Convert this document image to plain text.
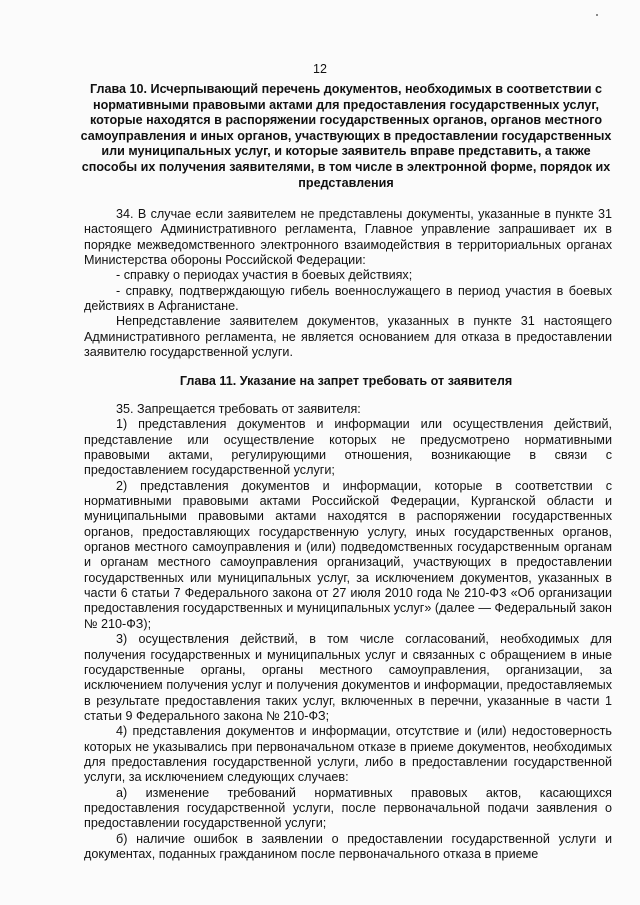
12
Глава 10. Исчерпывающий перечень документов, необходимых в соответствии с нормативными правовыми актами для предоставления государственных услуг, которые находятся в распоряжении государственных органов, органов местного самоуправления и иных органов, участвующих в предоставлении государственных или муниципальных услуг, и которые заявитель вправе представить, а также способы их получения заявителями, в том числе в электронной форме, порядок их представления

34. В случае если заявителем не представлены документы, указанные в пункте 31 настоящего Административного регламента, Главное управление запрашивает их в порядке межведомственного электронного взаимодействия в территориальных органах Министерства обороны Российской Федерации:

- справку о периодах участия в боевых действиях;

- справку, подтверждающую гибель военнослужащего в период участия в боевых действиях в Афганистане.

Непредставление заявителем документов, указанных в пункте 31 настоящего Административного регламента, не является основанием для отказа в предоставлении заявителю государственной услуги.

Глава 11. Указание на запрет требовать от заявителя

35. Запрещается требовать от заявителя:

1) представления документов и информации или осуществления действий, представление или осуществление которых не предусмотрено нормативными правовыми актами, регулирующими отношения, возникающие в связи с предоставлением государственной услуги;

2) представления документов и информации, которые в соответствии с нормативными правовыми актами Российской Федерации, Курганской области и муниципальными правовыми актами находятся в распоряжении государственных органов, предоставляющих государственную услугу, иных государственных органов, органов местного самоуправления и (или) подведомственных государственным органам и органам местного самоуправления организаций, участвующих в предоставлении государственных или муниципальных услуг, за исключением документов, указанных в части 6 статьи 7 Федерального закона от 27 июля 2010 года № 210-ФЗ «Об организации предоставления государственных и муниципальных услуг» (далее — Федеральный закон № 210-ФЗ);

3) осуществления действий, в том числе согласований, необходимых для получения государственных и муниципальных услуг и связанных с обращением в иные государственные органы, органы местного самоуправления, организации, за исключением получения услуг и получения документов и информации, предоставляемых в результате предоставления таких услуг, включенных в перечни, указанные в части 1 статьи 9 Федерального закона № 210-ФЗ;

4) представления документов и информации, отсутствие и (или) недостоверность которых не указывались при первоначальном отказе в приеме документов, необходимых для предоставления государственной услуги, либо в предоставлении государственной услуги, за исключением следующих случаев:

а) изменение требований нормативных правовых актов, касающихся предоставления государственной услуги, после первоначальной подачи заявления о предоставлении государственной услуги;

б) наличие ошибок в заявлении о предоставлении государственной услуги и документах, поданных гражданином после первоначального отказа в приеме
